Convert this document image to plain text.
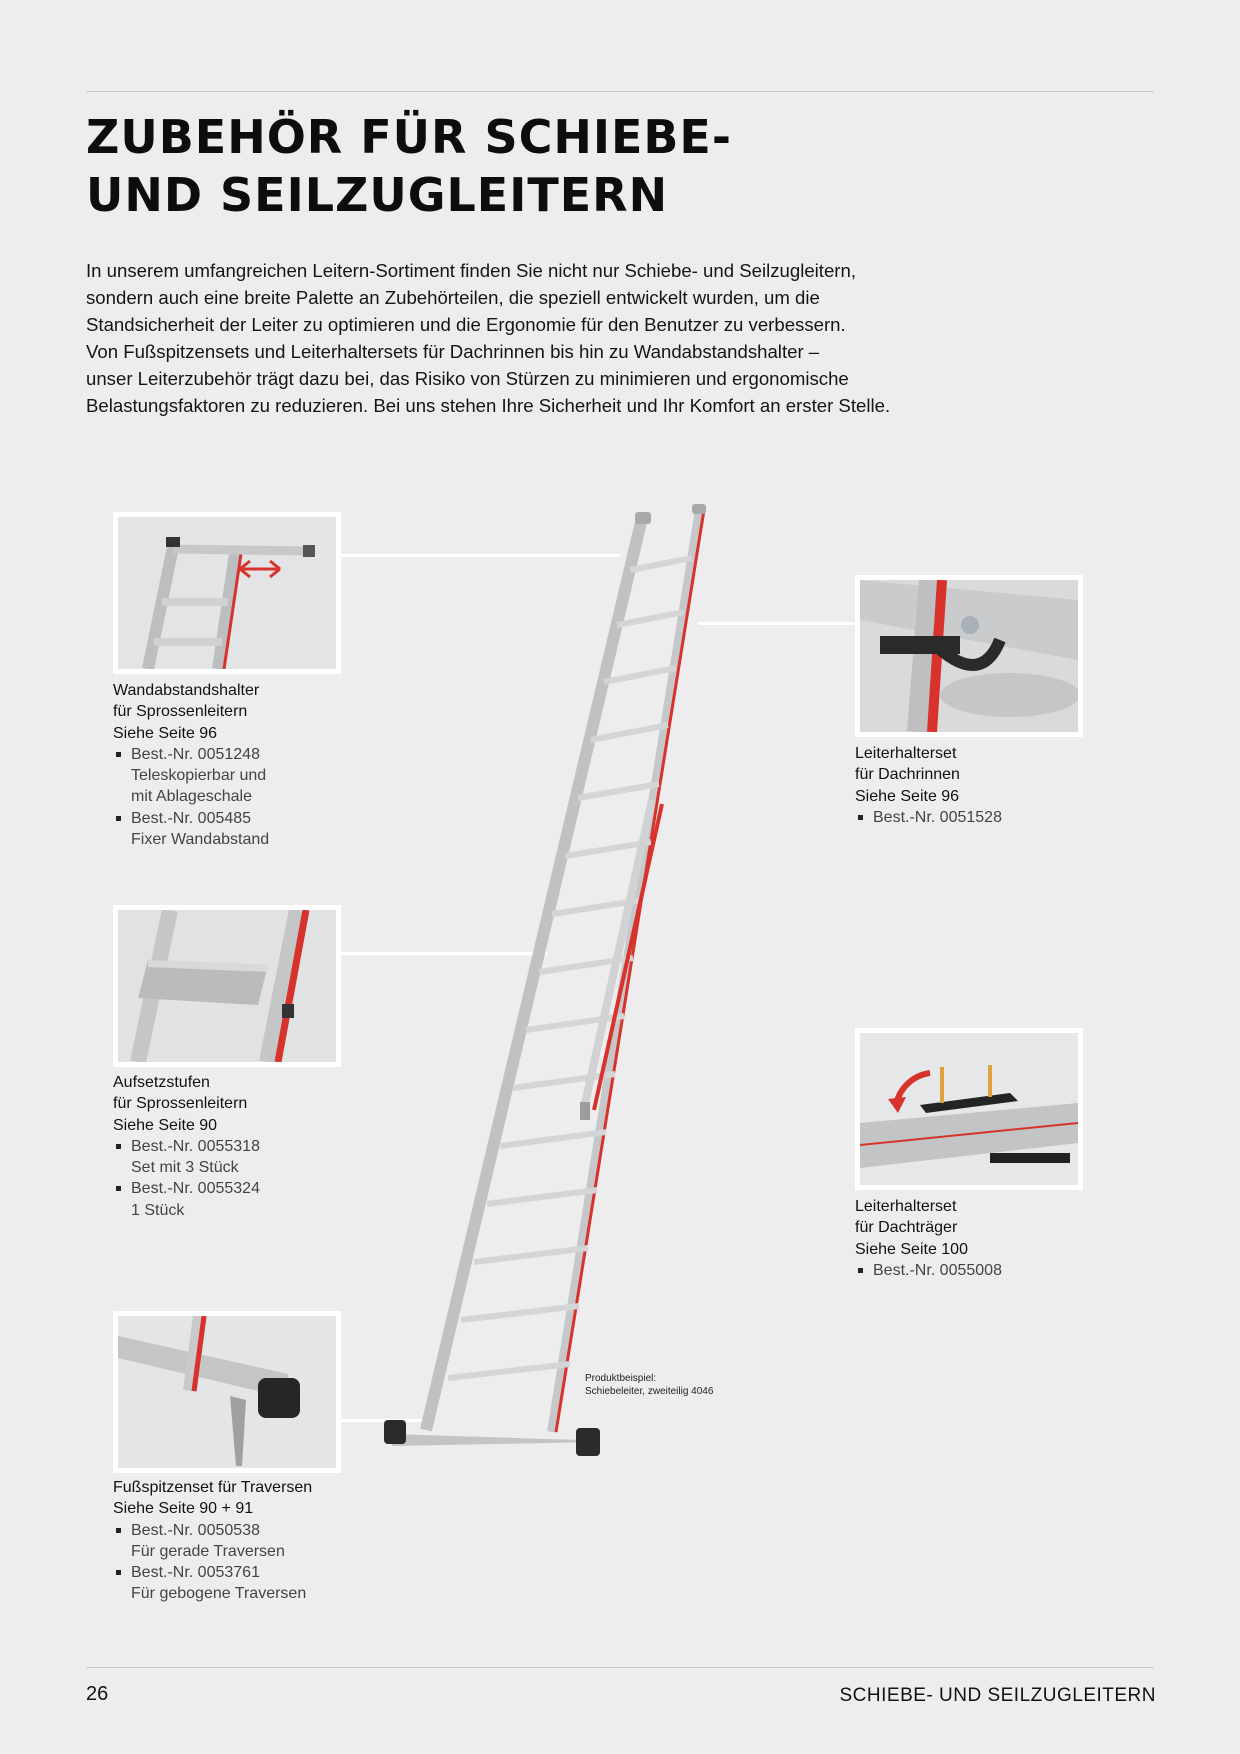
ZUBEHÖR FÜR SCHIEBE-
UND SEILZUGLEITERN
In unserem umfangreichen Leitern-Sortiment finden Sie nicht nur Schiebe- und Seilzugleitern,
sondern auch eine breite Palette an Zubehörteilen, die speziell entwickelt wurden, um die
Standsicherheit der Leiter zu optimieren und die Ergonomie für den Benutzer zu verbessern.
Von Fußspitzensets und Leiterhaltersets für Dachrinnen bis hin zu Wandabstandshalter –
unser Leiterzubehör trägt dazu bei, das Risiko von Stürzen zu minimieren und ergonomische
Belastungsfaktoren zu reduzieren. Bei uns stehen Ihre Sicherheit und Ihr Komfort an erster Stelle.
Produktbeispiel:
Schiebeleiter, zweiteilig 4046
Wandabstandshalter
für Sprossenleitern
Siehe Seite 96
Best.-Nr. 0051248
Teleskopierbar und
mit Ablageschale
Best.-Nr. 005485
Fixer Wandabstand
Aufsetzstufen
für Sprossenleitern
Siehe Seite 90
Best.-Nr. 0055318
Set mit 3 Stück
Best.-Nr. 0055324
1 Stück
Fußspitzenset für Traversen
Siehe Seite 90 + 91
Best.-Nr. 0050538
Für gerade Traversen
Best.-Nr. 0053761
Für gebogene Traversen
Leiterhalterset
für Dachrinnen
Siehe Seite 96
Best.-Nr. 0051528
Leiterhalterset
für Dachträger
Siehe Seite 100
Best.-Nr. 0055008
26	SCHIEBE- UND SEILZUGLEITERN
